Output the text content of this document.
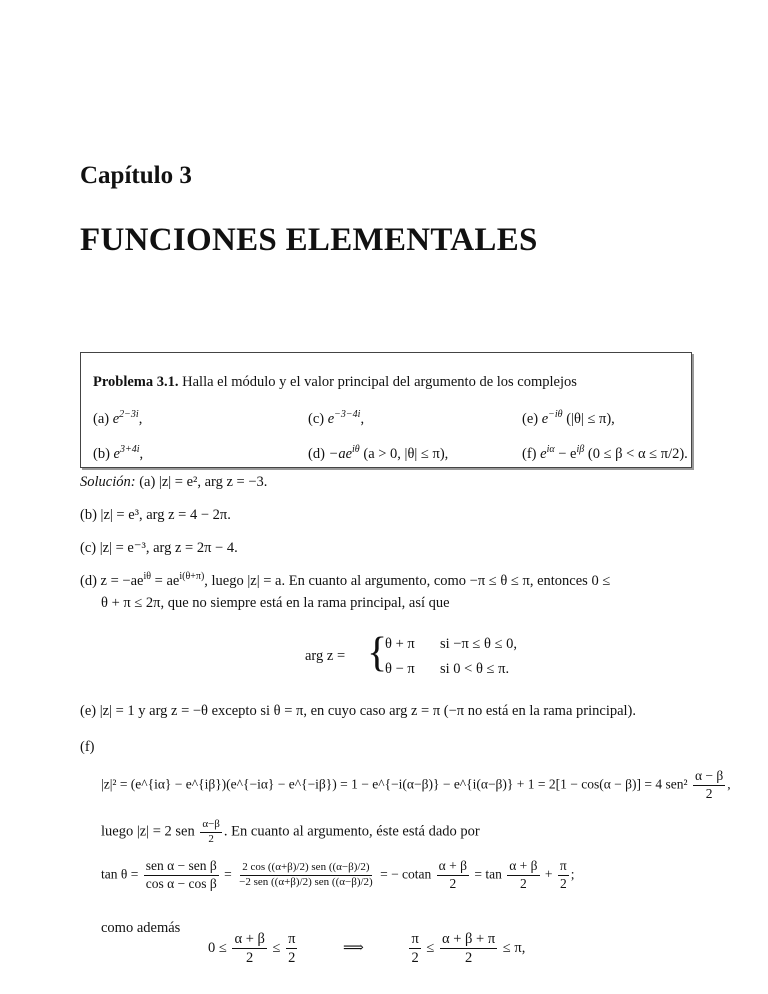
Capítulo 3
FUNCIONES ELEMENTALES
Problema 3.1. Halla el módulo y el valor principal del argumento de los complejos
(a) $e^{2-3i}$,	(c) $e^{-3-4i}$,	(e) $e^{-i\theta}$ (|θ| ≤ π),
(b) $e^{3+4i}$,	$(d) -ae^{i\theta}$ (a > 0, |θ| ≤ π),	(f) $e^{i\alpha} - e^{i\beta}$ (0 ≤ β < α ≤ π/2).
Solución: (a) |z| = e², arg z = −3.
(b) |z| = e³, arg z = 4 − 2π.
(c) |z| = e⁻³, arg z = 2π − 4.
(d) $z = -ae^{i\theta} = ae^{i(\theta+\pi)}$, luego |z| = a. En cuanto al argumento, como −π ≤ θ ≤ π, entonces 0 ≤
θ + π ≤ 2π, que no siempre está en la rama principal, así que
arg z = {
θ + π si −π ≤ θ ≤ 0,
θ − π si 0 < θ ≤ π.
(e) |z| = 1 y arg z = −θ excepto si θ = π, en cuyo caso arg z = π (−π no está en la rama principal).
(f)
|z|² = (e^{iα} − e^{iβ})(e^{−iα} − e^{−iβ}) = 1 − e^{−i(α−β)} − e^{i(α−β)} + 1 = 2[1 − cos(α − β)] = 4 $sen^2 \frac{\alpha - \beta}{2}$ ,
luego |z| = 2 sen $\frac{\alpha-\beta}{2}$ . En cuanto al argumento, éste está dado por
$\tan \theta = \frac{\text{sen α − sen β}}{\text{cos α − cos β}} = \frac{\text{2 cos ((α+β)/2) sen ((α−β)/2)}}{\text{−2 sen ((α+β)/2) sen ((α−β)/2)}}$ = − cotan $\frac{\alpha + \beta}{2} = \tan \frac{\alpha + \beta}{2} + \frac{\pi}{2}$ ;
como además
$0 \le \frac{\alpha + \beta}{2} \le \frac{\pi}{2}$	⟹	$\frac{\pi}{2} \le \frac{\alpha + \beta + \pi}{2} \le \pi$,
